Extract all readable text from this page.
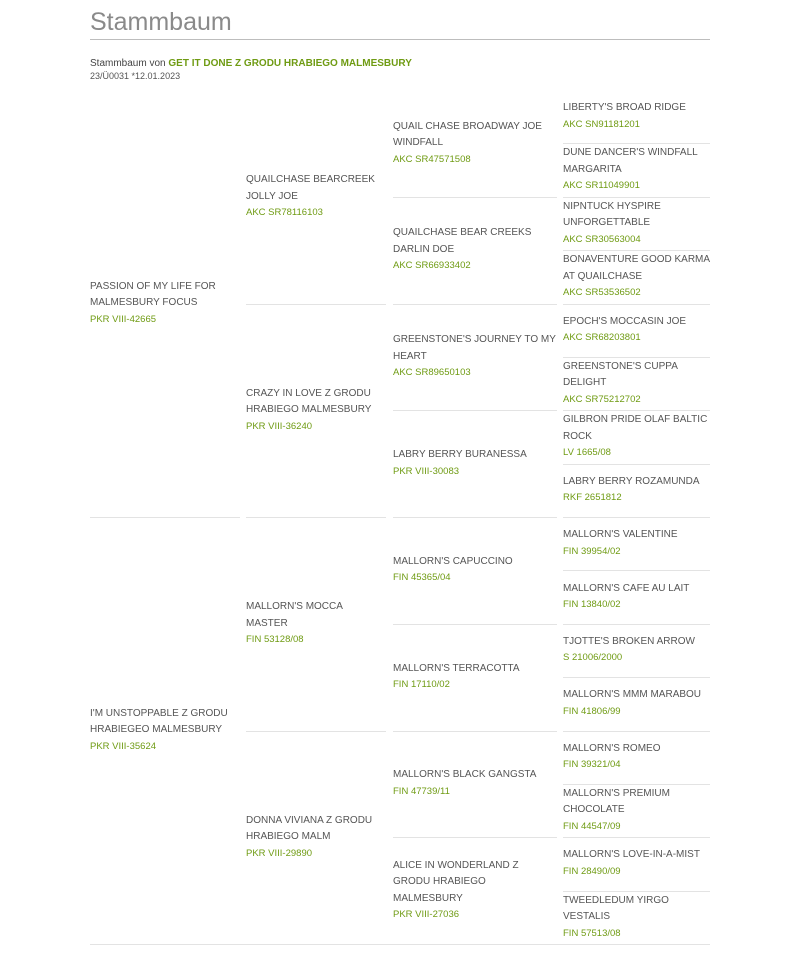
Stammbaum
Stammbaum von GET IT DONE Z GRODU HRABIEGO MALMESBURY
23/Ü0031 *12.01.2023
PASSION OF MY LIFE FOR MALMESBURY FOCUS
PKR VIII-42665
I'M UNSTOPPABLE Z GRODU HRABIEGEO MALMESBURY
PKR VIII-35624
QUAILCHASE BEARCREEK JOLLY JOE
AKC SR78116103
CRAZY IN LOVE Z GRODU HRABIEGO MALMESBURY
PKR VIII-36240
MALLORN'S MOCCA MASTER
FIN 53128/08
DONNA VIVIANA Z GRODU HRABIEGO MALM
PKR VIII-29890
QUAIL CHASE BROADWAY JOE WINDFALL
AKC SR47571508
QUAILCHASE BEAR CREEKS DARLIN DOE
AKC SR66933402
GREENSTONE'S JOURNEY TO MY HEART
AKC SR89650103
LABRY BERRY BURANESSA
PKR VIII-30083
MALLORN'S CAPUCCINO
FIN 45365/04
MALLORN'S TERRACOTTA
FIN 17110/02
MALLORN'S BLACK GANGSTA
FIN 47739/11
ALICE IN WONDERLAND Z GRODU HRABIEGO MALMESBURY
PKR VIII-27036
LIBERTY'S BROAD RIDGE
AKC SN91181201
DUNE DANCER'S WINDFALL MARGARITA
AKC SR11049901
NIPNTUCK HYSPIRE UNFORGETTABLE
AKC SR30563004
BONAVENTURE GOOD KARMA AT QUAILCHASE
AKC SR53536502
EPOCH'S MOCCASIN JOE
AKC SR68203801
GREENSTONE'S CUPPA DELIGHT
AKC SR75212702
GILBRON PRIDE OLAF BALTIC ROCK
LV 1665/08
LABRY BERRY ROZAMUNDA
RKF 2651812
MALLORN'S VALENTINE
FIN 39954/02
MALLORN'S CAFE AU LAIT
FIN 13840/02
TJOTTE'S BROKEN ARROW
S 21006/2000
MALLORN'S MMM MARABOU
FIN 41806/99
MALLORN'S ROMEO
FIN 39321/04
MALLORN'S PREMIUM CHOCOLATE
FIN 44547/09
MALLORN'S LOVE-IN-A-MIST
FIN 28490/09
TWEEDLEDUM YIRGO VESTALIS
FIN 57513/08
